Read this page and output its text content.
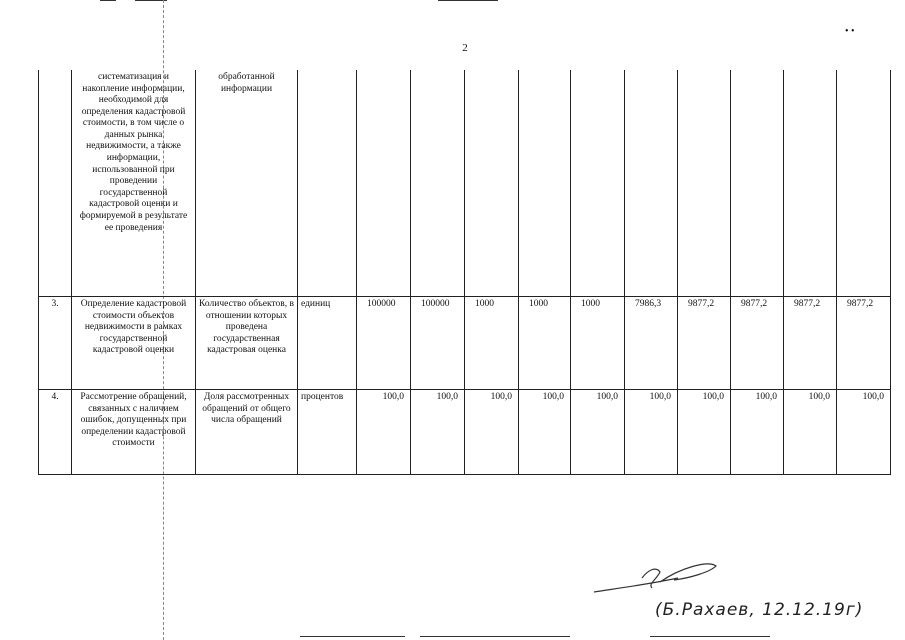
2
• •
	систематизация и накопление информации, необходимой для определения кадастровой стоимости, в том числе о данных рынка недвижимости, а также информации, использованной при проведении государственной кадастровой оценки и формируемой в результате ее проведения	обработанной информации											
3.	Определение кадастровой стоимости объектов недвижимости в рамках государственной кадастровой оценки	Количество объектов, в отношении которых проведена государственная кадастровая оценка	единиц	100000	100000	1000	1000	1000	7986,3	9877,2	9877,2	9877,2	9877,2
4.	Рассмотрение обращений, связанных с наличием ошибок, допущенных при определении кадастровой стоимости	Доля рассмотренных обращений от общего числа обращений	процентов	100,0	100,0	100,0	100,0	100,0	100,0	100,0	100,0	100,0	100,0
(Б.Рахаев, 12.12.19г)
